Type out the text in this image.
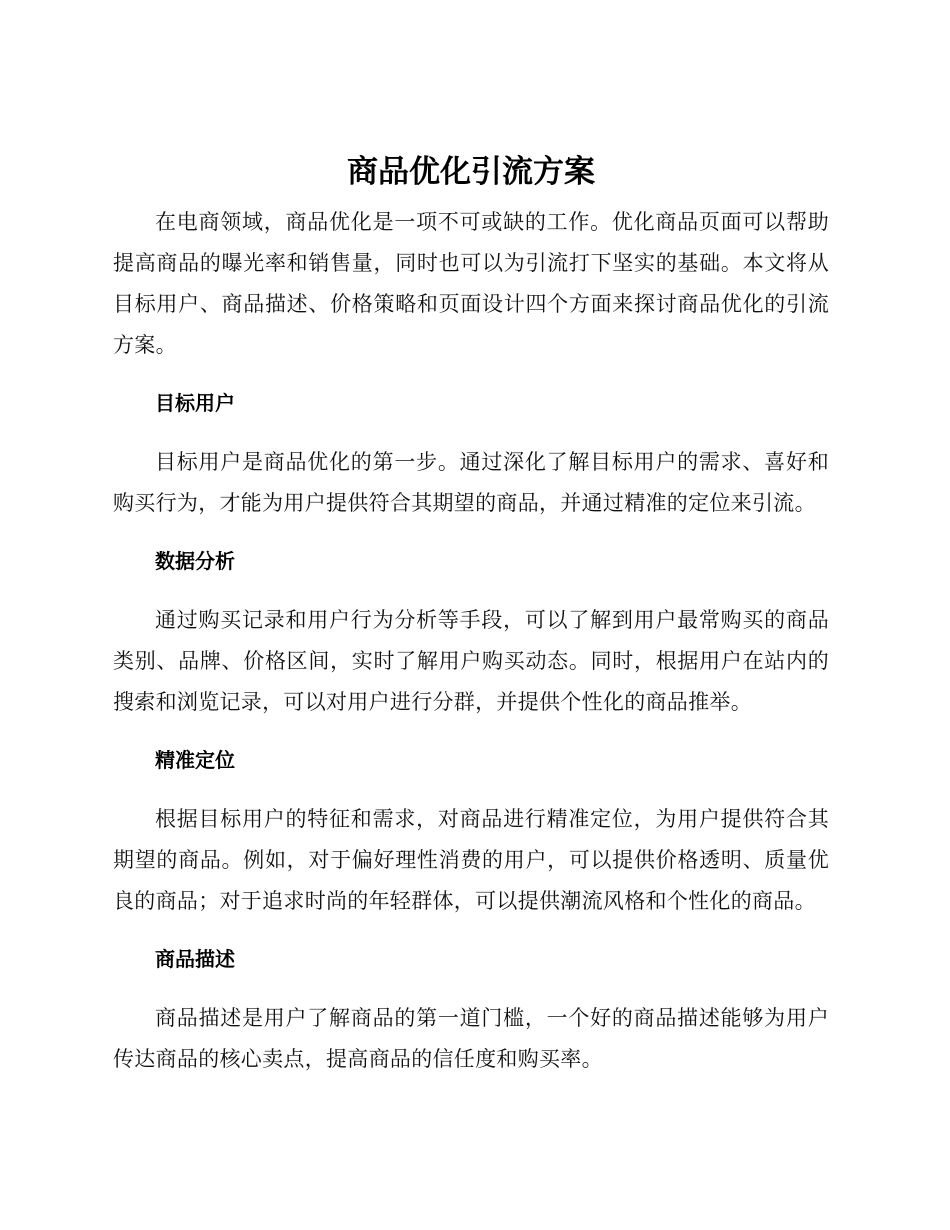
商品优化引流方案

在电商领域，商品优化是一项不可或缺的工作。优化商品页面可以帮助提高商品的曝光率和销售量，同时也可以为引流打下坚实的基础。本文将从目标用户、商品描述、价格策略和页面设计四个方面来探讨商品优化的引流方案。

目标用户

目标用户是商品优化的第一步。通过深化了解目标用户的需求、喜好和购买行为，才能为用户提供符合其期望的商品，并通过精准的定位来引流。

数据分析

通过购买记录和用户行为分析等手段，可以了解到用户最常购买的商品类别、品牌、价格区间，实时了解用户购买动态。同时，根据用户在站内的搜索和浏览记录，可以对用户进行分群，并提供个性化的商品推举。

精准定位

根据目标用户的特征和需求，对商品进行精准定位，为用户提供符合其期望的商品。例如，对于偏好理性消费的用户，可以提供价格透明、质量优良的商品；对于追求时尚的年轻群体，可以提供潮流风格和个性化的商品。

商品描述

商品描述是用户了解商品的第一道门槛，一个好的商品描述能够为用户传达商品的核心卖点，提高商品的信任度和购买率。
